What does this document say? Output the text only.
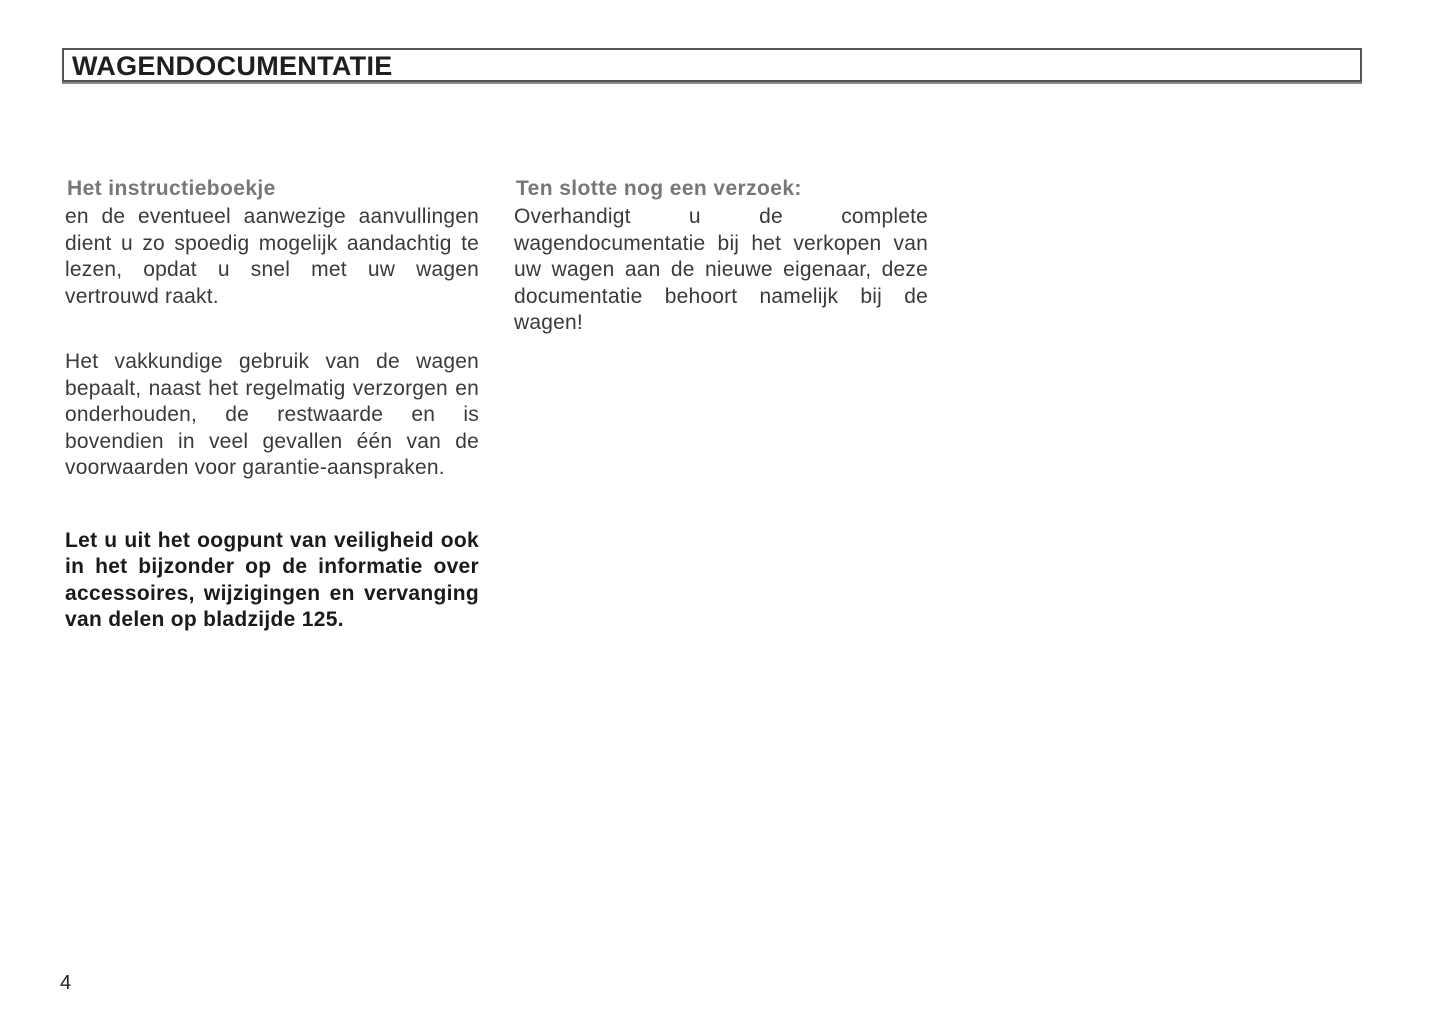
WAGENDOCUMENTATIE
Het instructieboekje

en de eventueel aanwezige aanvullingen dient u zo spoedig mogelijk aandachtig te lezen, opdat u snel met uw wagen vertrouwd raakt.

Het vakkundige gebruik van de wagen bepaalt, naast het regelmatig verzorgen en onderhouden, de restwaarde en is bovendien in veel gevallen één van de voorwaarden voor garantie-aanspraken.

Let u uit het oogpunt van veiligheid ook in het bijzonder op de informatie over accessoires, wijzigingen en vervanging van delen op bladzijde 125.

Ten slotte nog een verzoek:

Overhandigt u de complete wagendocumentatie bij het verkopen van uw wagen aan de nieuwe eigenaar, deze documentatie behoort namelijk bij de wagen!

4
